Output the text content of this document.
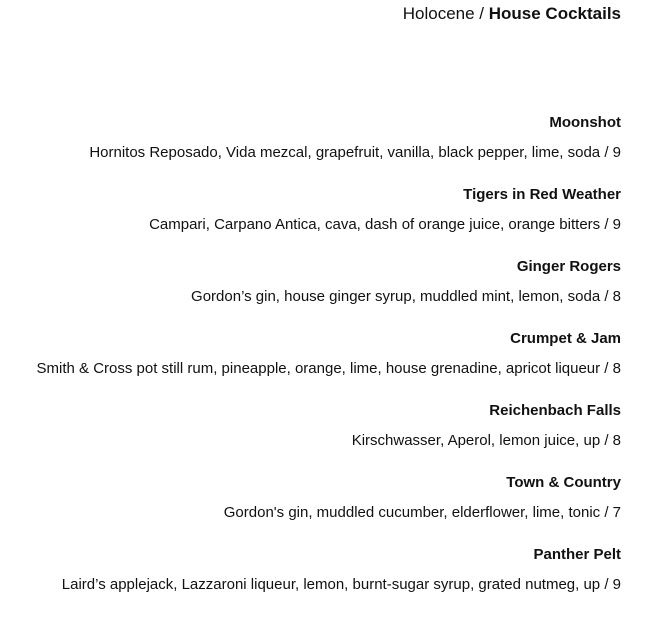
Holocene / House Cocktails
Moonshot
Hornitos Reposado, Vida mezcal, grapefruit, vanilla, black pepper, lime, soda / 9
Tigers in Red Weather
Campari, Carpano Antica, cava, dash of orange juice, orange bitters / 9
Ginger Rogers
Gordon’s gin, house ginger syrup, muddled mint, lemon, soda / 8
Crumpet & Jam
Smith & Cross pot still rum, pineapple, orange, lime, house grenadine, apricot liqueur / 8
Reichenbach Falls
Kirschwasser, Aperol, lemon juice, up / 8
Town & Country
Gordon's gin, muddled cucumber, elderflower, lime, tonic / 7
Panther Pelt
Laird’s applejack, Lazzaroni liqueur, lemon, burnt-sugar syrup, grated nutmeg, up / 9
